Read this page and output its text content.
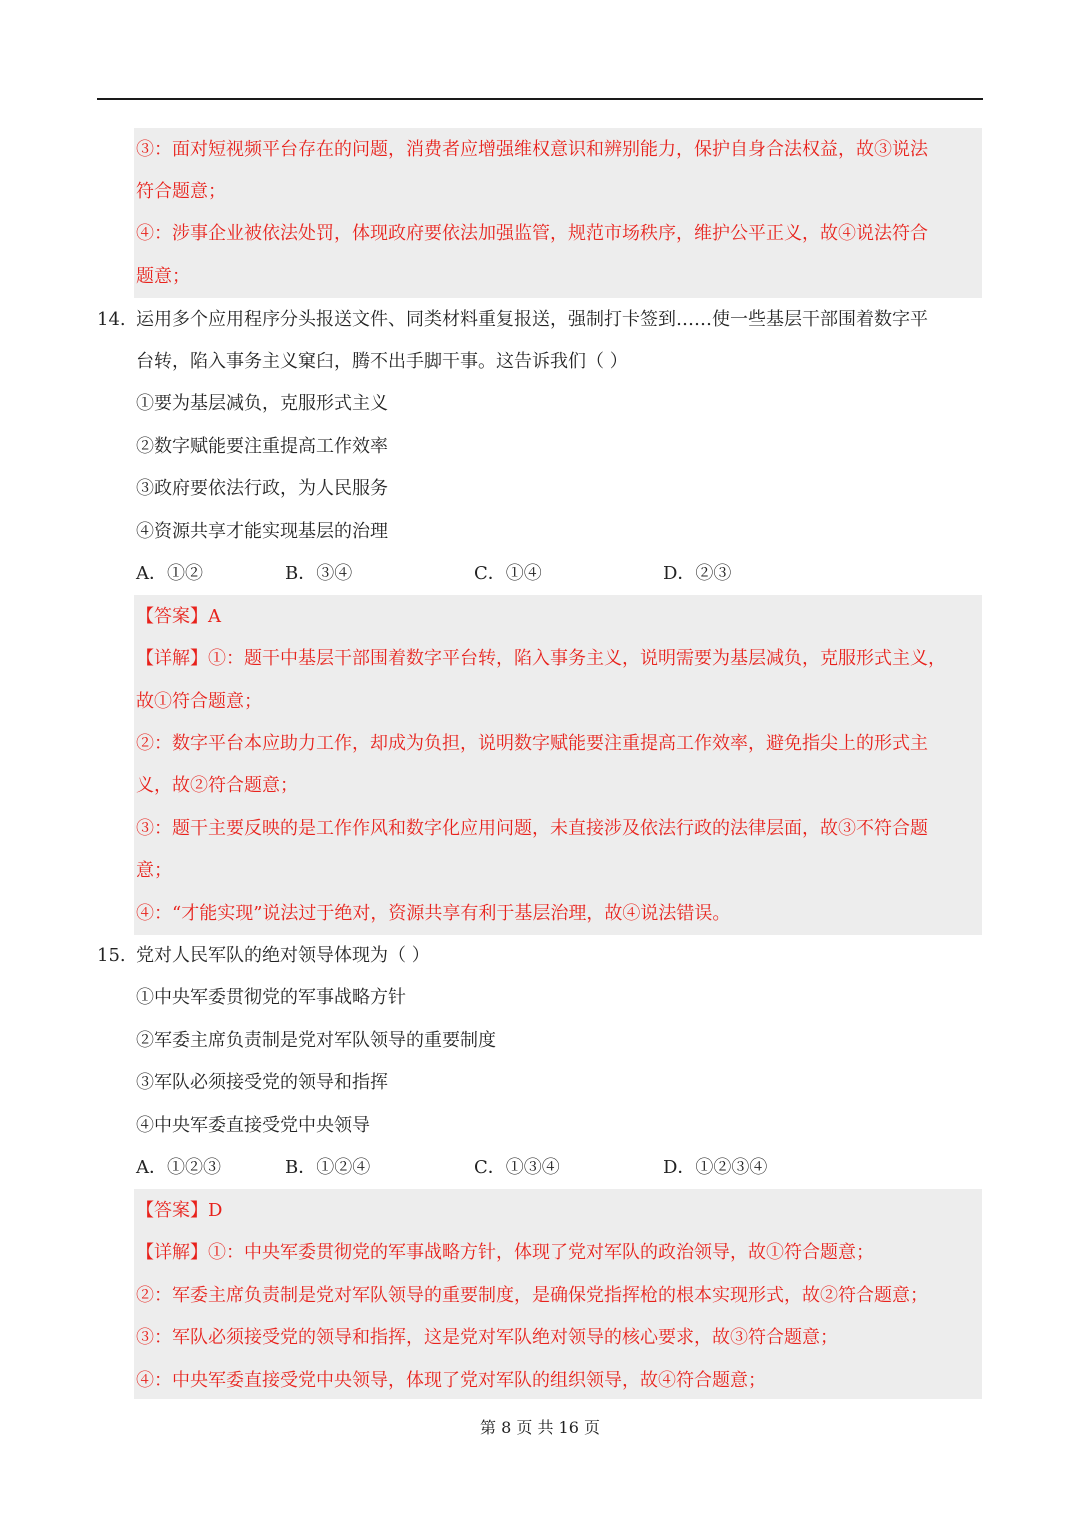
③：面对短视频平台存在的问题，消费者应增强维权意识和辨别能力，保护自身合法权益，故③说法
符合题意；
④：涉事企业被依法处罚，体现政府要依法加强监管，规范市场秩序，维护公平正义，故④说法符合
题意；
14. 运用多个应用程序分头报送文件、同类材料重复报送，强制打卡签到……使一些基层干部围着数字平
台转，陷入事务主义窠臼，腾不出手脚干事。这告诉我们（ ）
①要为基层减负，克服形式主义
②数字赋能要注重提高工作效率
③政府要依法行政，为人民服务
④资源共享才能实现基层的治理
A．①②	B．③④	C．①④	D．②③
【答案】A
【详解】①：题干中基层干部围着数字平台转，陷入事务主义，说明需要为基层减负，克服形式主义，
故①符合题意；
②：数字平台本应助力工作，却成为负担，说明数字赋能要注重提高工作效率，避免指尖上的形式主
义，故②符合题意；
③：题干主要反映的是工作作风和数字化应用问题，未直接涉及依法行政的法律层面，故③不符合题
意；
④：“才能实现”说法过于绝对，资源共享有利于基层治理，故④说法错误。
15. 党对人民军队的绝对领导体现为（ ）
①中央军委贯彻党的军事战略方针
②军委主席负责制是党对军队领导的重要制度
③军队必须接受党的领导和指挥
④中央军委直接受党中央领导
A．①②③	B．①②④	C．①③④	D．①②③④
【答案】D
【详解】①：中央军委贯彻党的军事战略方针，体现了党对军队的政治领导，故①符合题意；
②：军委主席负责制是党对军队领导的重要制度，是确保党指挥枪的根本实现形式，故②符合题意；
③：军队必须接受党的领导和指挥，这是党对军队绝对领导的核心要求，故③符合题意；
④：中央军委直接受党中央领导，体现了党对军队的组织领导，故④符合题意；
第 8 页 共 16 页
